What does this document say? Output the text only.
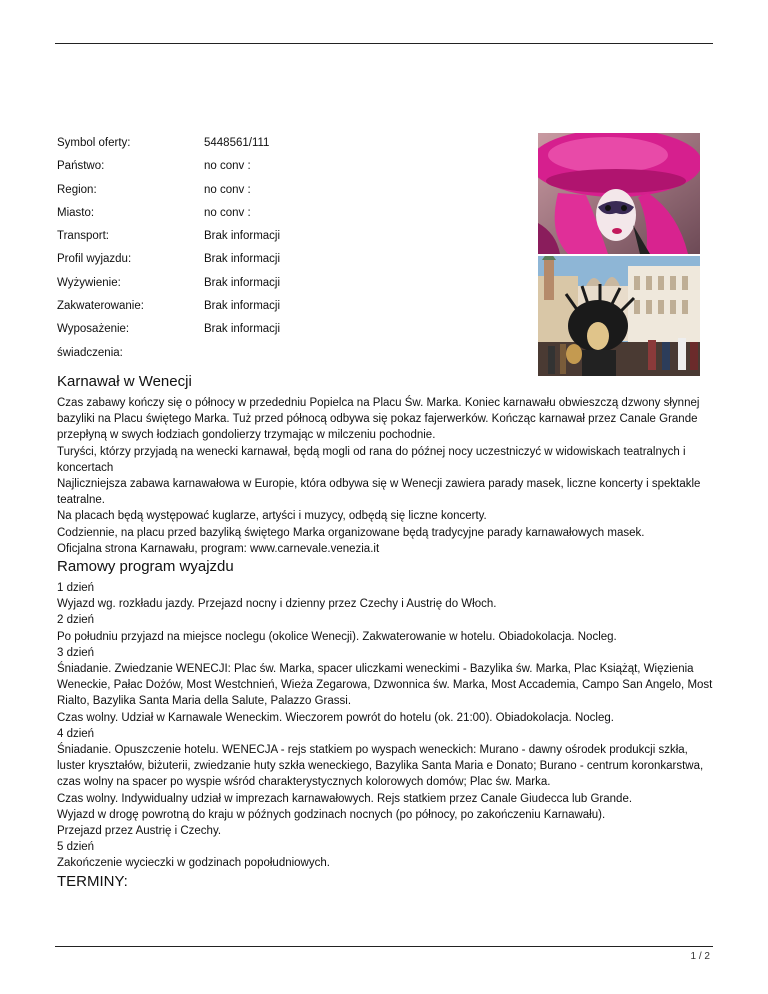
Symbol oferty:	5448561/111
Państwo:	no conv :
Region:	no conv :
Miasto:	no conv :
Transport:	Brak informacji
Profil wyjazdu:	Brak informacji
Wyżywienie:	Brak informacji
Zakwaterowanie:	Brak informacji
Wyposażenie:	Brak informacji
świadczenia:
Karnawał w Wenecji

Czas zabawy kończy się o północy w przededniu Popielca na Placu Św. Marka. Koniec karnawału obwieszczą dzwony słynnej bazyliki na Placu świętego Marka. Tuż przed północą odbywa się pokaz fajerwerków. Kończąc karnawał przez Canale Grande przepłyną w swych łodziach gondolierzy trzymając w milczeniu pochodnie.

Turyści, którzy przyjadą na wenecki karnawał, będą mogli od rana do późnej nocy uczestniczyć w widowiskach teatralnych i koncertach

Najliczniejsza zabawa karnawałowa w Europie, która odbywa się w Wenecji zawiera parady masek, liczne koncerty i spektakle teatralne.

Na placach będą występować kuglarze, artyści i muzycy, odbędą się liczne koncerty.

Codziennie, na placu przed bazyliką świętego Marka organizowane będą tradycyjne parady karnawałowych masek.

Oficjalna strona Karnawału, program: www.carnevale.venezia.it

Ramowy program wyajzdu

1 dzień

Wyjazd wg. rozkładu jazdy. Przejazd nocny i dzienny przez Czechy i Austrię do Włoch.

2 dzień

Po południu przyjazd na miejsce noclegu (okolice Wenecji). Zakwaterowanie w hotelu. Obiadokolacja. Nocleg.

3 dzień

Śniadanie. Zwiedzanie WENECJI: Plac św. Marka, spacer uliczkami weneckimi - Bazylika św. Marka, Plac Książąt, Więzienia Weneckie, Pałac Dożów, Most Westchnień, Wieża Zegarowa, Dzwonnica św. Marka, Most Accademia, Campo San Angelo, Most Rialto, Bazylika Santa Maria della Salute, Palazzo Grassi.

Czas wolny. Udział w Karnawale Weneckim. Wieczorem powrót do hotelu (ok. 21:00). Obiadokolacja. Nocleg.

4 dzień

Śniadanie. Opuszczenie hotelu. WENECJA - rejs statkiem po wyspach weneckich: Murano - dawny ośrodek produkcji szkła, luster kryształów, biżuterii, zwiedzanie huty szkła weneckiego, Bazylika Santa Maria e Donato; Burano - centrum koronkarstwa, czas wolny na spacer po wyspie wśród charakterystycznych kolorowych domów; Plac św. Marka.

Czas wolny. Indywidualny udział w imprezach karnawałowych. Rejs statkiem przez Canale Giudecca lub Grande.

Wyjazd w drogę powrotną do kraju w późnych godzinach nocnych (po północy, po zakończeniu Karnawału).

Przejazd przez Austrię i Czechy.

5 dzień

Zakończenie wycieczki w godzinach popołudniowych.

TERMINY:
1 / 2
